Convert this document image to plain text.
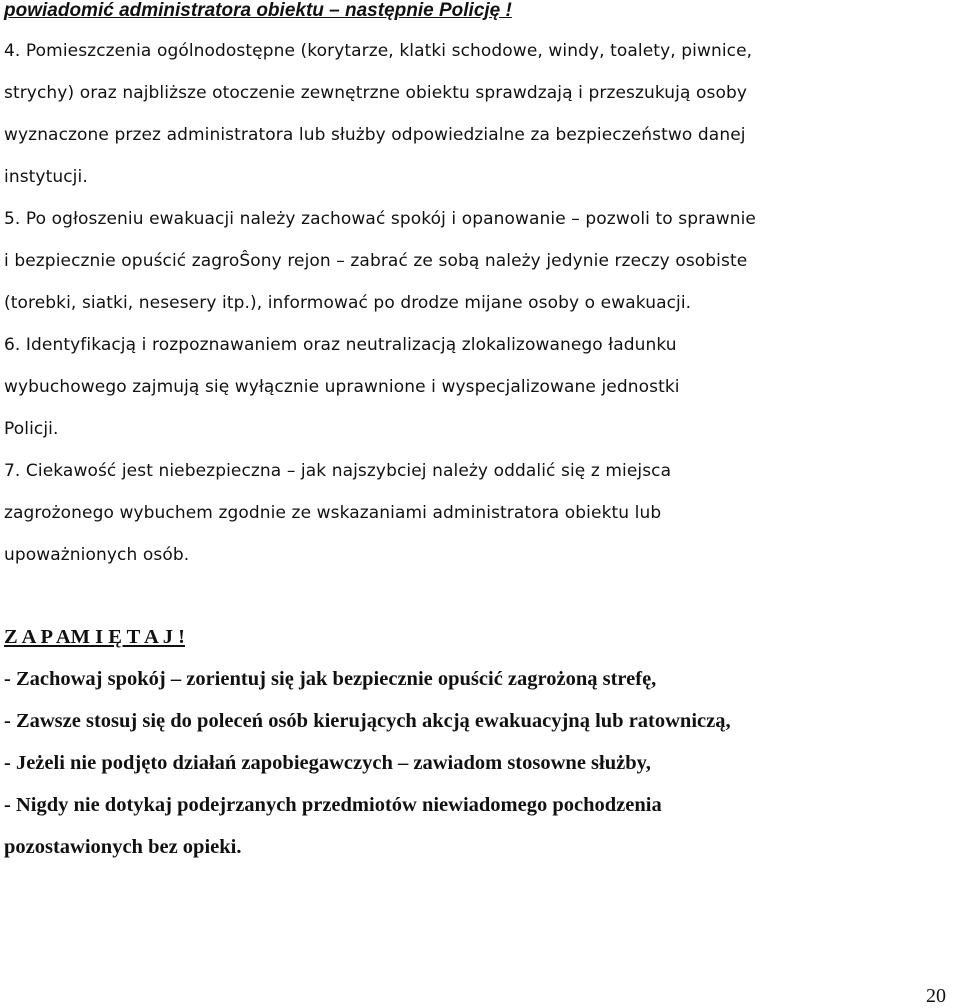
powiadomić administratora obiektu – następnie Policję !
4. Pomieszczenia ogólnodostępne (korytarze, klatki schodowe, windy, toalety, piwnice,
strychy) oraz najbliższe otoczenie zewnętrzne obiektu sprawdzają i przeszukują osoby
wyznaczone przez administratora lub służby odpowiedzialne za bezpieczeństwo danej
instytucji.
5. Po ogłoszeniu ewakuacji należy zachować spokój i opanowanie – pozwoli to sprawnie
i bezpiecznie opuścić zagroŜony rejon – zabrać ze sobą należy jedynie rzeczy osobiste
(torebki, siatki, nesesery itp.), informować po drodze mijane osoby o ewakuacji.
6. Identyfikacją i rozpoznawaniem oraz neutralizacją zlokalizowanego ładunku
wybuchowego zajmują się wyłącznie uprawnione i wyspecjalizowane jednostki
Policji.
7. Ciekawość jest niebezpieczna – jak najszybciej należy oddalić się z miejsca
zagrożonego wybuchem zgodnie ze wskazaniami administratora obiektu lub
upoważnionych osób.
Z A P AM I Ę T A J !
- Zachowaj spokój – zorientuj się jak bezpiecznie opuścić zagrożoną strefę,
- Zawsze stosuj się do poleceń osób kierujących akcją ewakuacyjną lub ratowniczą,
- Jeżeli nie podjęto działań zapobiegawczych – zawiadom stosowne służby,
- Nigdy nie dotykaj podejrzanych przedmiotów niewiadomego pochodzenia
pozostawionych bez opieki.
20
